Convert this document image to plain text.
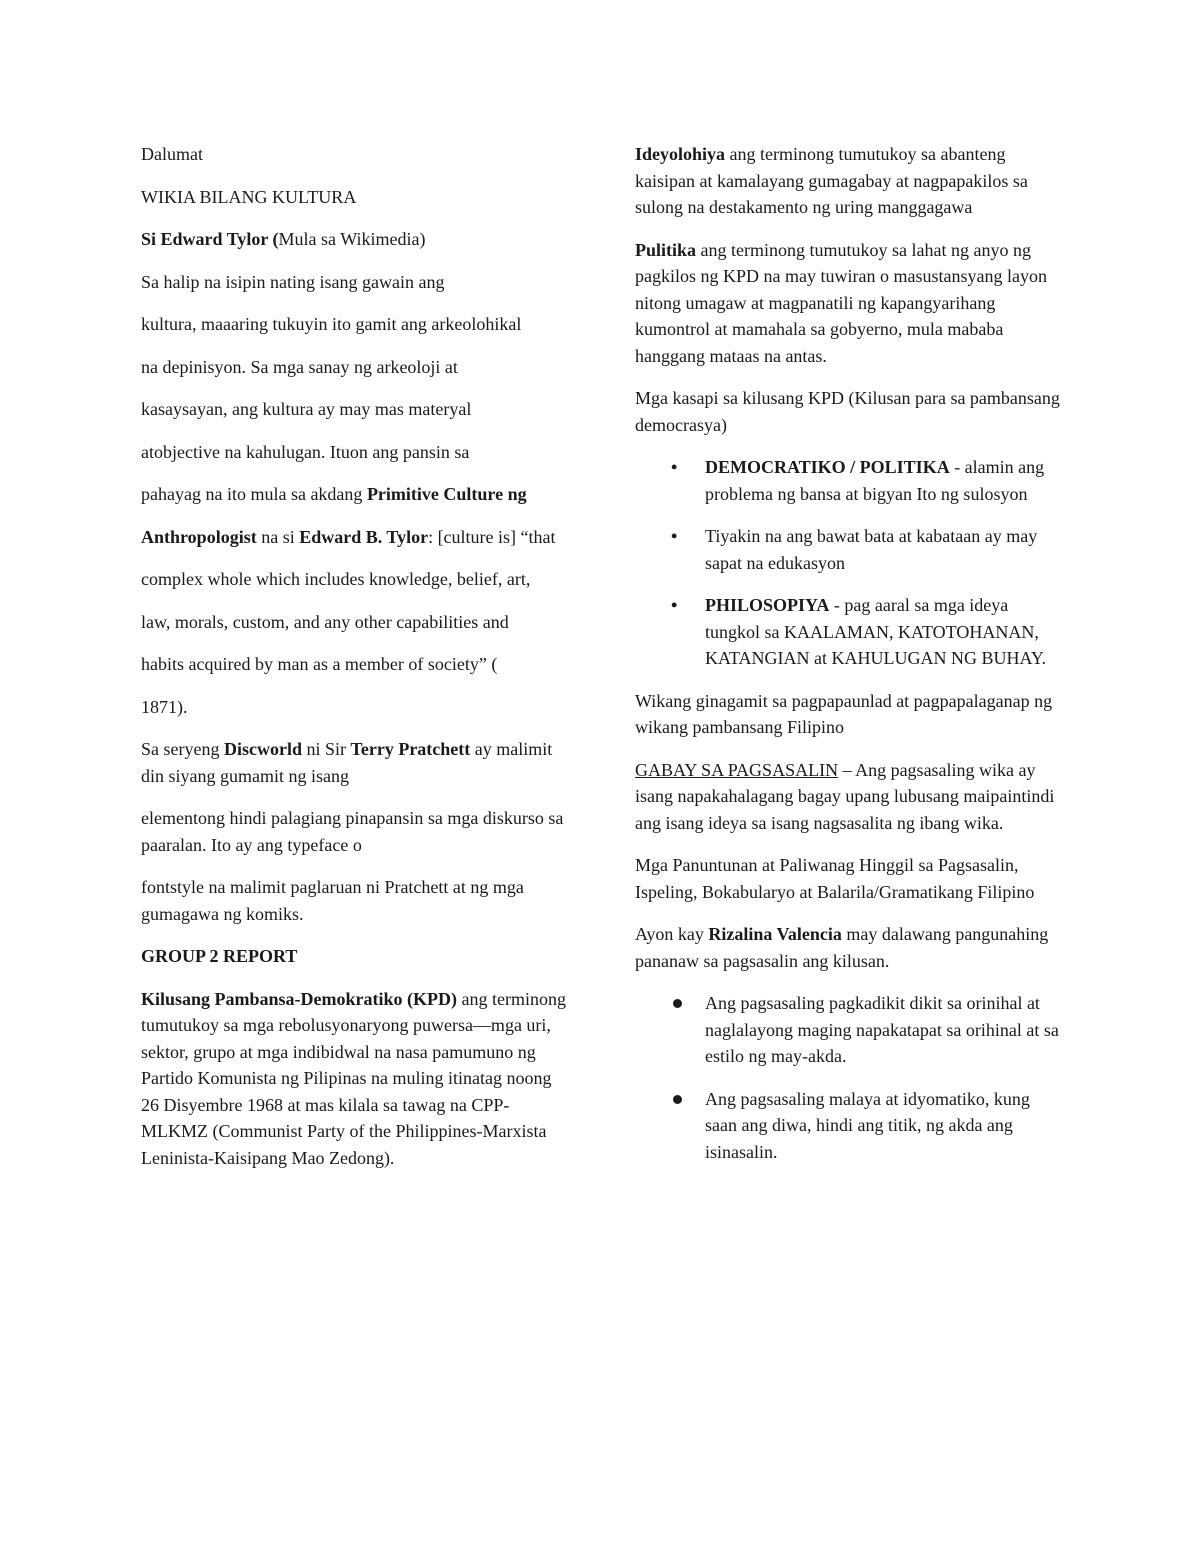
Dalumat

WIKIA BILANG KULTURA

Si Edward Tylor (Mula sa Wikimedia)

Sa halip na isipin nating isang gawain ang

kultura, maaaring tukuyin ito gamit ang arkeolohikal

na depinisyon. Sa mga sanay ng arkeoloji at

kasaysayan, ang kultura ay may mas materyal

atobjective na kahulugan. Ituon ang pansin sa

pahayag na ito mula sa akdang Primitive Culture ng

Anthropologist na si Edward B. Tylor: [culture is] “that

complex whole which includes knowledge, belief, art,

law, morals, custom, and any other capabilities and

habits acquired by man as a member of society” (

1871).

Sa seryeng Discworld ni Sir Terry Pratchett ay malimit din siyang gumamit ng isang

elementong hindi palagiang pinapansin sa mga diskurso sa paaralan. Ito ay ang typeface o

fontstyle na malimit paglaruan ni Pratchett at ng mga gumagawa ng komiks.

GROUP 2 REPORT

Kilusang Pambansa-Demokratiko (KPD) ang terminong tumutukoy sa mga rebolusyonaryong puwersa—mga uri, sektor, grupo at mga indibidwal na nasa pamumuno ng Partido Komunista ng Pilipinas na muling itinatag noong 26 Disyembre 1968 at mas kilala sa tawag na CPP-MLKMZ (Communist Party of the Philippines-Marxista Leninista-Kaisipang Mao Zedong).

Ideyolohiya ang terminong tumutukoy sa abanteng kaisipan at kamalayang gumagabay at nagpapakilos sa sulong na destakamento ng uring manggagawa

Pulitika ang terminong tumutukoy sa lahat ng anyo ng pagkilos ng KPD na may tuwiran o masustansyang layon nitong umagaw at magpanatili ng kapangyarihang kumontrol at mamahala sa gobyerno, mula mababa hanggang mataas na antas.

Mga kasapi sa kilusang KPD (Kilusan para sa pambansang democrasya)

• DEMOCRATIKO / POLITIKA - alamin ang problema ng bansa at bigyan Ito ng sulosyon
• Tiyakin na ang bawat bata at kabataan ay may sapat na edukasyon
• PHILOSOPIYA - pag aaral sa mga ideya tungkol sa KAALAMAN, KATOTOHANAN, KATANGIAN at KAHULUGAN NG BUHAY.

Wikang ginagamit sa pagpapaunlad at pagpapalaganap ng wikang pambansang Filipino

GABAY SA PAGSASALIN – Ang pagsasaling wika ay isang napakahalagang bagay upang lubusang maipaintindi ang isang ideya sa isang nagsasalita ng ibang wika.

Mga Panuntunan at Paliwanag Hinggil sa Pagsasalin, Ispeling, Bokabularyo at Balarila/Gramatikang Filipino

Ayon kay Rizalina Valencia may dalawang pangunahing pananaw sa pagsasalin ang kilusan.

Ang pagsasaling pagkadikit dikit sa orinihal at naglalayong maging napakatapat sa orihinal at sa estilo ng may-akda.
Ang pagsasaling malaya at idyomatiko, kung saan ang diwa, hindi ang titik, ng akda ang isinasalin.
